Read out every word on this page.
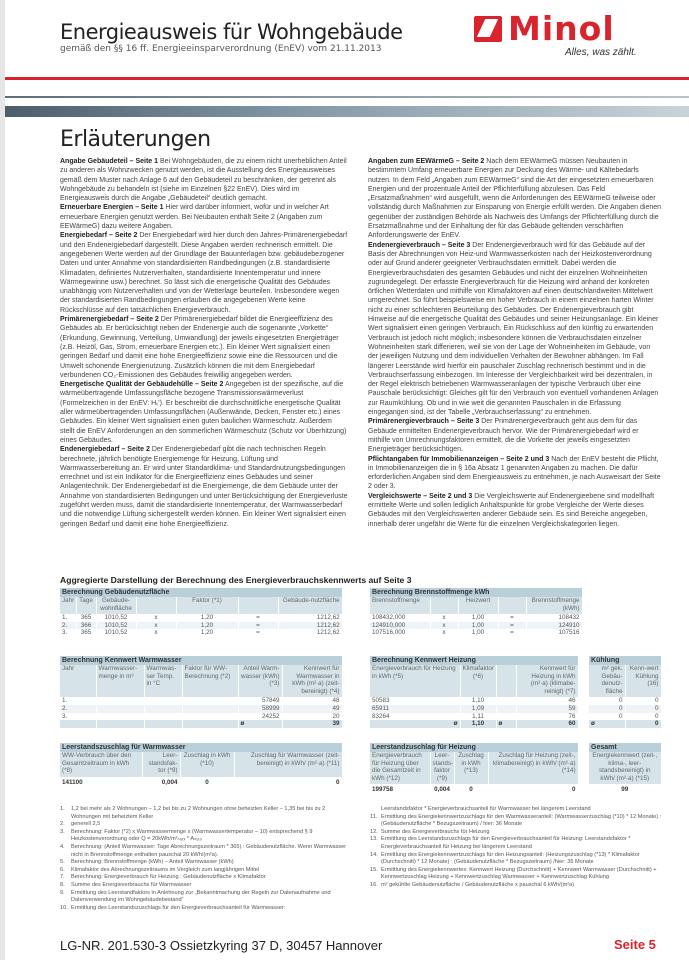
Energieausweis für Wohngebäude
gemäß den §§ 16 ff. Energieeinsparverordnung (EnEV) vom 21.11.2013
Minol
Alles, was zählt.
Erläuterungen

Angabe Gebäudeteil – Seite 1 Bei Wohngebäuden, die zu einem nicht unerheblichen Anteil zu anderen als Wohnzwecken genutzt werden, ist die Ausstellung des Energieausweises gemäß dem Muster nach Anlage 6 auf den Gebäudeteil zu beschränken, der getrennt als Wohngebäude zu behandeln ist (siehe im Einzelnen §22 EnEV). Dies wird im Energieausweis durch die Angabe „Gebäudeteil“ deutlich gemacht.

Erneuerbare Energien – Seite 1 Hier wird darüber informiert, wofür und in welcher Art erneuerbare Energien genutzt werden. Bei Neubauten enthält Seite 2 (Angaben zum EEWärmeG) dazu weitere Angaben.

Energiebedarf – Seite 2 Der Energiebedarf wird hier durch den Jahres-Primärenergiebedarf und den Endenergiebedarf dargestellt. Diese Angaben werden rechnerisch ermittelt. Die angegebenen Werte werden auf der Grundlage der Bauunterlagen bzw. gebäudebezogener Daten und unter Annahme von standardisierten Randbedingungen (z.B. standardisierte Klimadaten, definiertes Nutzerverhalten, standardisierte Innentemperatur und innere Wärmegewinne usw.) berechnet. So lässt sich die energetische Qualität des Gebäudes unabhängig vom Nutzerverhalten und von der Wetterlage beurteilen. Insbesondere wegen der standardisierten Randbedingungen erlauben die angegebenen Werte keine Rückschlüsse auf den tatsächlichen Energieverbrauch.

Primärenergiebedarf – Seite 2 Der Primärenergiebedarf bildet die Energieeffizienz des Gebäudes ab. Er berücksichtigt neben der Endenergie auch die sogenannte „Vorkette“ (Erkundung, Gewinnung, Verteilung, Umwandlung) der jeweils eingesetzten Energieträger (z.B. Heizöl, Gas, Strom, erneuerbare Energien etc.). Ein kleiner Wert signalisiert einen geringen Bedarf und damit eine hohe Energieeffizienz sowie eine die Ressourcen und die Umwelt schonende Energienutzung. Zusätzlich können die mit dem Energiebedarf verbundenen CO₂-Emissionen des Gebäudes freiwillig angegeben werden.

Energetische Qualität der Gebäudehülle – Seite 2 Angegeben ist der spezifische, auf die wärmeübertragende Umfassungsfläche bezogene Transmissionswärmeverlust (Formelzeichen in der EnEV: Hₜ'). Er beschreibt die durchschnittliche energetische Qualität aller wärmeübertragenden Umfassungsflächen (Außenwände, Decken, Fenster etc.) eines Gebäudes. Ein kleiner Wert signalisiert einen guten baulichen Wärmeschutz. Außerdem stellt die EnEV Anforderungen an den sommerlichen Wärmeschutz (Schutz vor Überhitzung) eines Gebäudes.

Endenergiebedarf – Seite 2 Der Endenergiebedarf gibt die nach technischen Regeln berechnete, jährlich benötigte Energiemenge für Heizung, Lüftung und Warmwasserbereitung an. Er wird unter Standardklima- und Standardnutzungsbedingungen errechnet und ist ein Indikator für die Energieeffizienz eines Gebäudes und seiner Anlagentechnik. Der Endenergiebedarf ist die Energiemenge, die dem Gebäude unter der Annahme von standardisierten Bedingungen und unter Berücksichtigung der Energieverluste zugeführt werden muss, damit die standardisierte Innentemperatur, der Warmwasserbedarf und die notwendige Lüftung sichergestellt werden können. Ein kleiner Wert signalisiert einen geringen Bedarf und damit eine hohe Energieeffizienz.

Angaben zum EEWärmeG – Seite 2 Nach dem EEWärmeG müssen Neubauten in bestimmtem Umfang erneuerbare Energien zur Deckung des Wärme- und Kältebedarfs nutzen. In dem Feld „Angaben zum EEWärmeG“ sind die Art der eingesetzten erneuerbaren Energien und der prozentuale Anteil der Pflichterfüllung abzulesen. Das Feld „Ersatzmaßnahmen“ wird ausgefüllt, wenn die Anforderungen des EEWärmeG teilweise oder vollständig durch Maßnahmen zur Einsparung von Energie erfüllt werden. Die Angaben dienen gegenüber der zuständigen Behörde als Nachweis des Umfangs der Pflichterfüllung durch die Ersatzmaßnahme und der Einhaltung der für das Gebäude geltenden verschärften Anforderungswerte der EnEV.

Endenergieverbrauch – Seite 3 Der Endenergieverbrauch wird für das Gebäude auf der Basis der Abrechnungen von Heiz-und Warmwasserkosten nach der Heizkostenverordnung oder auf Grund anderer geeigneter Verbrauchsdaten ermittelt. Dabei werden die Energieverbrauchsdaten des gesamten Gebäudes und nicht der einzelnen Wohneinheiten zugrundegelegt. Der erfasste Energieverbrauch für die Heizung wird anhand der konkreten örtlichen Wetterdaten und mithilfe von Klimafaktoren auf einen deutschlandweiten Mittelwert umgerechnet. So führt beispielsweise ein hoher Verbrauch in einem einzelnen harten Winter nicht zu einer schlechteren Beurteilung des Gebäudes. Der Endenergieverbrauch gibt Hinweise auf die energetische Qualität des Gebäudes und seiner Heizungsanlage. Ein kleiner Wert signalisiert einen geringen Verbrauch. Ein Rückschluss auf den künftig zu erwartenden Verbrauch ist jedoch nicht möglich; insbesondere können die Verbrauchsdaten einzelner Wohneinheiten stark differieren, weil sie von der Lage der Wohneinheiten im Gebäude, von der jeweiligen Nutzung und dem individuellen Verhalten der Bewohner abhängen. Im Fall längerer Leerstände wird hierfür ein pauschaler Zuschlag rechnerisch bestimmt und in die Verbrauchserfassung einbezogen. Im Interesse der Vergleichbarkeit wird bei dezentralen, in der Regel elektrisch betriebenen Warmwasseranlagen der typische Verbrauch über eine Pauschale berücksichtigt: Gleiches gilt für den Verbrauch von eventuell vorhandenen Anlagen zur Raumkühlung. Ob und in wie weit die genannten Pauschalen in die Erfassung eingegangen sind, ist der Tabelle „Verbrauchserfassung“ zu entnehmen.

Primärenergieverbrauch – Seite 3 Der Primärenergieverbrauch geht aus dem für das Gebäude ermittelten Endenergieverbrauch hervor. Wie der Primärenergiebedarf wird er mithilfe von Umrechnungsfaktoren ermittelt, die die Vorkette der jeweils eingesetzten Energieträger berücksichtigen.

Pflichtangaben für Immobilienanzeigen – Seite 2 und 3 Nach der EnEV besteht die Pflicht, in Immobilienanzeigen die in § 16a Absatz 1 genannten Angaben zu machen. Die dafür erforderlichen Angaben sind dem Energieausweis zu entnehmen, je nach Ausweisart der Seite 2 oder 3.

Vergleichswerte – Seite 2 und 3 Die Vergleichswerte auf Endenergieebene sind modellhaft ermittelte Werte und sollen lediglich Anhaltspunkte für grobe Vergleiche der Werte dieses Gebäudes mit den Vergleichswerten anderer Gebäude sein. Es sind Bereiche angegeben, innerhalb derer ungefähr die Werte für die einzelnen Vergleichskategorien liegen.

Aggregierte Darstellung der Berechnung des Energieverbrauchskennwerts auf Seite 3
Berechnung Gebäudenutzfläche						
Jahr	Tage	Gebäude-wohnfläche		Faktor (*1)		Gebäude-nutzfläche
1.	365	1010,52	x	1,20	=	1212,62
2.	366	1010,52	x	1,20	=	1212,62
3.	365	1010,52	x	1,20	=	1212,62
Berechnung Brennstoffmenge kWh				
Brennstoffmenge		Heizwert		Brennstoffmenge (kWh)
108432,000	x	1,00	=	108432
124910,000	x	1,00	=	124910
107516,000	x	1,00	=	107516
Berechnung Kennwert Warmwasser					
Jahr	Warmwasser-menge in m³	Warmwas-ser Temp. in °C	Faktor für WW-Berechnung (*2)	Anteil Warm-wasser (kWh) (*3)	Kennwert für Warmwasser in kWh (m²·a) (zeit-bereinigt) (*4)
1.				57849	48
2.				58999	49
3.				24252	20
				ø	39
Berechnung Kennwert Heizung			
Energieverbrauch für Heizung in kWh (*5)	Klimafaktor (*6)		Kennwert für Heizung in kWh (m²·a) (klimabe-reinigt) (*7)
50583	1,10		46
65911	1,09		59
83264	1,11		76
ø	1,10	ø	60
Kühlung	
m² gek. Gebäu-denutz-fläche	Kenn-wert Kühlung (16)
0	0
0	0
0	0
ø	0
Leerstandszuschlag für Warmwasser			
WW-Verbrauch über den Gesamtzeitraum in kWh (*8)	Leer-standsfak-tor (*9)	Zuschlag in kWh (*10)	Zuschlag für Warmwasser (zeit-bereinigt) in kWh/ (m²·a) (*11)
141100	0,004	0	0
Leerstandzuschlag für Heizung			
Energieverbrauch für Heizung über die Gesamtzeit in kWh (*12)	Leer-stands-faktor (*9)	Zuschlag in kWh (*13)	Zuschlag für Heizung (zeit-, klimabereinigt) in kWh/ (m²·a) (*14)
199758	0,004	0	0
Gesamt
Energiekennwert (zeit-, klima-, leer-standsbereinigt) in kWh/ (m²·a) (*15)
99
1.	1,2 bei mehr als 2 Wohnungen – 1,2 bei bis zu 2 Wohnungen ohne beheizten Keller – 1,35 bei bis zu 2 Wohnungen mit beheiztem Keller
2.	generell 2,5
3.	Berechnung: Faktor (*2) x Warmwassermenge x (Warmwassertemperatur – 10) entsprechend § 9 Heizkostenverordnung oder Q = 20kWh/m²ₙᵤₜₓ * Aₙᵤₜₓ
4.	Berechnung: (Anteil Warmwasser: Tage Abrechnungszeitraum * 365) : Gebäudenutzfläche. Wenn Warmwasser nicht in Brennstoffmenge enthalten pauschal 20 kWh/(m²a).
5.	Berechnung: Brennstoffmenge (kWh) – Anteil Warmwasser (kWh)
6.	Klimafaktor des Abrechnungszeitraums im Vergleich zum langjährigen Mittel
7.	Berechnung: Energieverbrauch für Heizung : Gebäudenutzfläche x Klimafaktor
8.	Summe des Energieverbrauchs für Warmwasser
9.	Ermittlung des Leerstandfaktors in Anlehnung zur „Bekanntmachung der Regeln zur Datenaufnahme und Datenverwendung im Wohngebäudebestand“
10. Ermittlung des Leerstandszuschlags für den Energieverbrauchsanteil für Warmwasser:
Leerstandsfaktor * Energieverbrauchsanteil für Warmwasser bei längerem Leerstand
11. Ermittlung des Energiekennwertzuschlags für den Warmwasseranteil: (Warmwasserzuschlag (*10) * 12 Monate) : (Gebäudenutzfläche * Bezugszeitraum) / hier: 36 Monate
12. Summe des Energieverbrauchs für Heizung
13. Ermittlung des Leerstandszuschlags für den Energieverbrauchsanteil für Heizung: Leerstandsfaktor * Energieverbrauchsanteil für Heizung bei längerem Leerstand
14. Ermittlung des Energiekennwertzuschlags für den Heizungsanteil: (Heizungszuschlag (*13) * Klimafaktor (Durchschnitt) * 12 Monate) : (Gebäudenutzfläche * Bezugszeitraum) /hier: 36 Monate
15. Ermittlung des Energiekennwertes: Kennwert Heizung (Durchschnitt) + Kennwert Warmwasser (Durchschnitt) + Kennwertzuschlag Heizung + Kennwertzuschlag Warmwasser + Kennwertzuschlag Kühlung
16. m² gekühlte Gebäudenutzfläche / Gebäudenutzfläche x pauschal 6 kWh/(m²a)
LG-NR. 201.530-3 Ossietzkyring 37 D, 30457 Hannover	Seite 5
